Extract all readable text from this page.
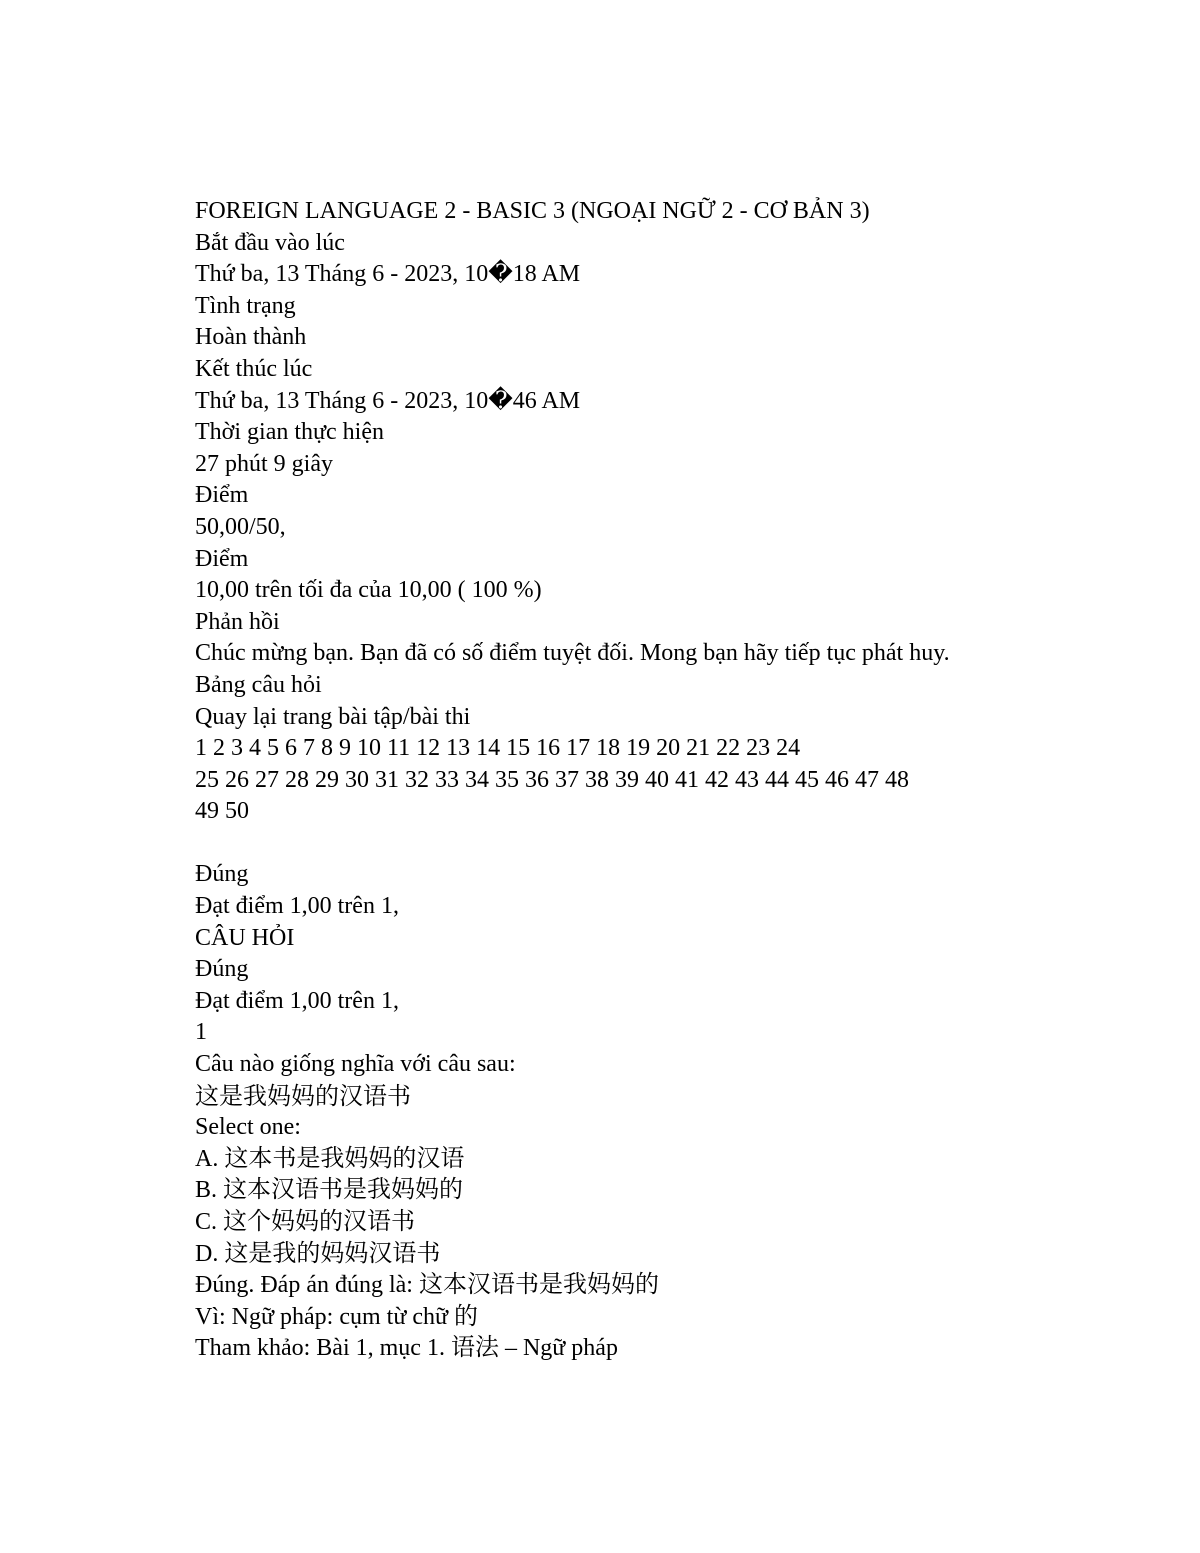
FOREIGN LANGUAGE 2 - BASIC 3 (NGOẠI NGỮ 2 - CƠ BẢN 3)
Bắt đầu vào lúc
Thứ ba, 13 Tháng 6 - 2023, 10�18 AM
Tình trạng
Hoàn thành
Kết thúc lúc
Thứ ba, 13 Tháng 6 - 2023, 10�46 AM
Thời gian thực hiện
27 phút 9 giây
Điểm
50,00/50,
Điểm
10,00 trên tối đa của 10,00 ( 100 %)
Phản hồi
Chúc mừng bạn. Bạn đã có số điểm tuyệt đối. Mong bạn hãy tiếp tục phát huy.
Bảng câu hỏi
Quay lại trang bài tập/bài thi
1 2 3 4 5 6 7 8 9 10 11 12 13 14 15 16 17 18 19 20 21 22 23 24
25 26 27 28 29 30 31 32 33 34 35 36 37 38 39 40 41 42 43 44 45 46 47 48
49 50
Đúng
Đạt điểm 1,00 trên 1,
CÂU HỎI
Đúng
Đạt điểm 1,00 trên 1,
1
Câu nào giống nghĩa với câu sau:
这是我妈妈的汉语书
Select one:
A. 这本书是我妈妈的汉语
B. 这本汉语书是我妈妈的
C. 这个妈妈的汉语书
D. 这是我的妈妈汉语书
Đúng. Đáp án đúng là: 这本汉语书是我妈妈的
Vì: Ngữ pháp: cụm từ chữ 的
Tham khảo: Bài 1, mục 1. 语法 – Ngữ pháp
